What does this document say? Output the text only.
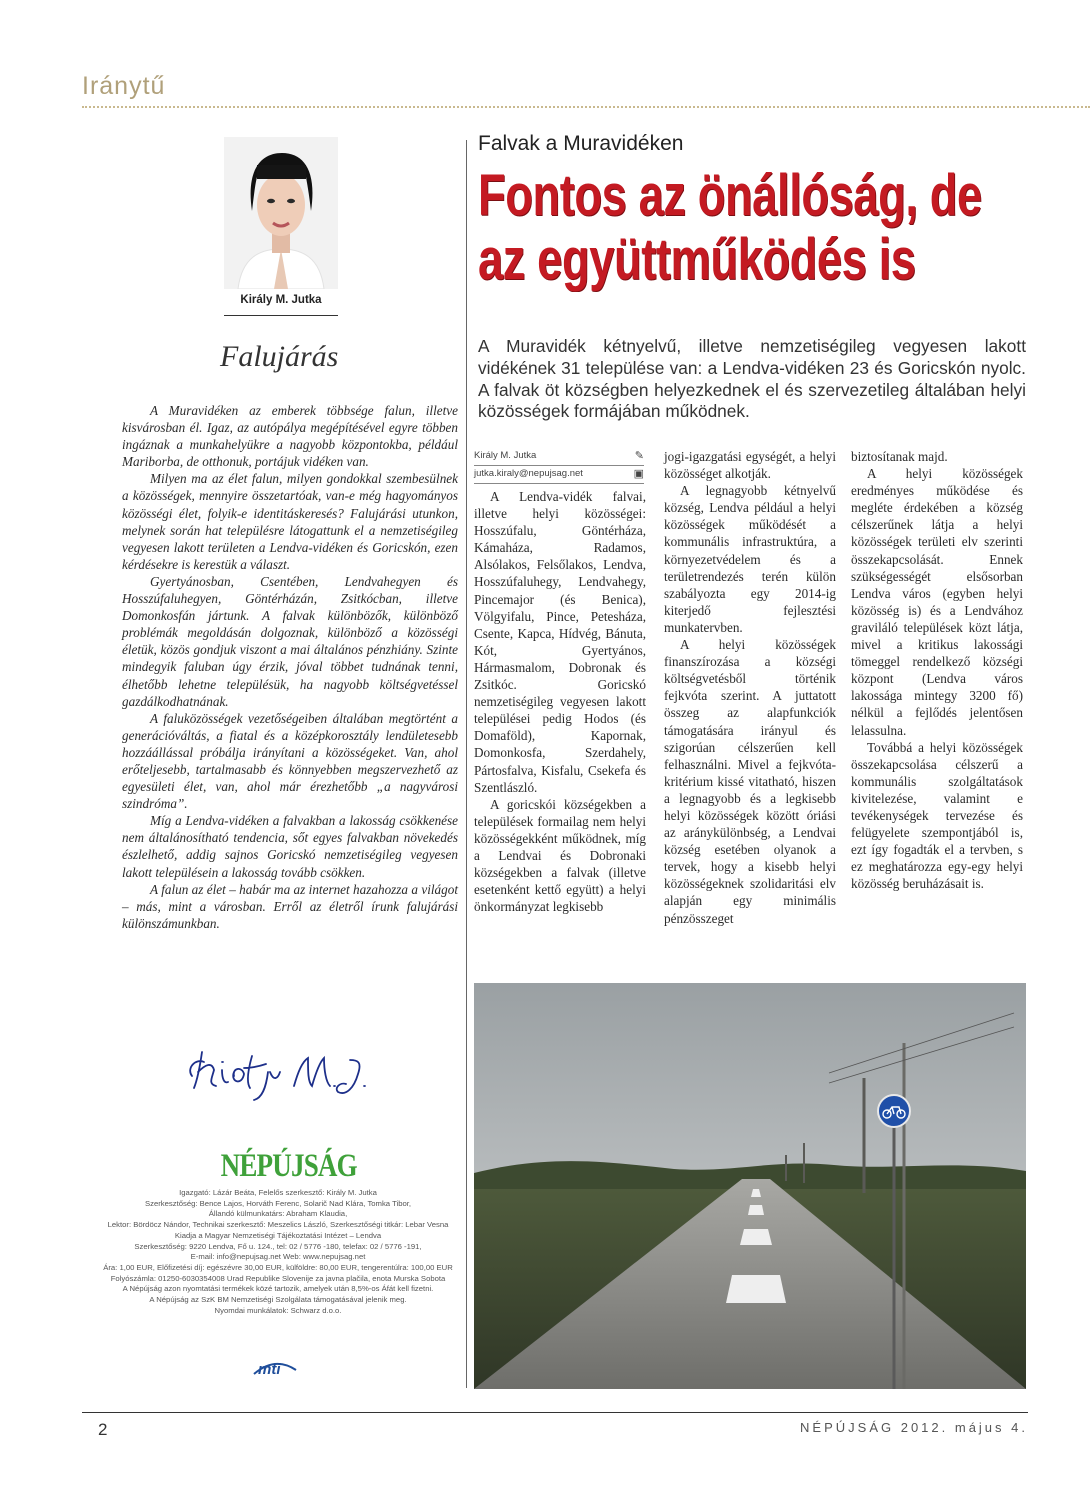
Iránytű
Király M. Jutka
Falujárás

A Muravidéken az emberek többsége falun, illetve kisvárosban él. Igaz, az autópálya megépítésével egyre többen ingáznak a munkahelyükre a nagyobb központokba, például Mariborba, de otthonuk, portájuk vidéken van.

Milyen ma az élet falun, milyen gondokkal szembesülnek a közösségek, mennyire összetartóak, van-e még hagyományos közösségi élet, folyik-e identitáskeresés? Falujárási utunkon, melynek során hat településre látogattunk el a nemzetiségileg vegyesen lakott területen a Lendva-vidéken és Goricskón, ezen kérdésekre is kerestük a választ.

Gyertyánosban, Csentében, Lendvahegyen és Hosszúfaluhegyen, Göntérházán, Zsitkócban, illetve Domonkosfán jártunk. A falvak különbözők, különböző problémák megoldásán dolgoznak, különböző a közösségi életük, közös gondjuk viszont a mai általános pénzhiány. Szinte mindegyik faluban úgy érzik, jóval többet tudnának tenni, élhetőbb lehetne településük, ha nagyobb költségvetéssel gazdálkodhatnának.

A faluközösségek vezetőségeiben általában megtörtént a generációváltás, a fiatal és a középkorosztály lendületesebb hozzáállással próbálja irányítani a közösségeket. Van, ahol erőteljesebb, tartalmasabb és könnyebben megszervezhető az egyesületi élet, van, ahol már érezhetőbb „a nagyvárosi szindróma”.

Míg a Lendva-vidéken a falvakban a lakosság csökkenése nem általánosítható tendencia, sőt egyes falvakban növekedés észlelhető, addig sajnos Goricskó nemzetiségileg vegyesen lakott településein a lakosság tovább csökken.

A falun az élet – habár ma az internet hazahozza a világot – más, mint a városban. Erről az életről írunk falujárási különszámunkban.

NÉPÚJSÁG
Igazgató: Lázár Beáta, Felelős szerkesztő: Király M. Jutka
Szerkesztőség: Bence Lajos, Horváth Ferenc, Solarič Nad Klára, Tomka Tibor,
Állandó külmunkatárs: Abraham Klaudia,
Lektor: Bördöcz Nándor, Technikai szerkesztő: Meszelics László, Szerkesztőségi titkár: Lebar Vesna
Kiadja a Magyar Nemzetiségi Tájékoztatási Intézet – Lendva
Szerkesztőség: 9220 Lendva, Fő u. 124., tel: 02 / 5776 -180, telefax: 02 / 5776 -191,
E-mail: info@nepujsag.net Web: www.nepujsag.net
Ára: 1,00 EUR, Előfizetési díj: egészévre 30,00 EUR, külföldre: 80,00 EUR, tengerentúlra: 100,00 EUR
Folyószámla: 01250-6030354008 Urad Republike Slovenije za javna plačila, enota Murska Sobota
A Népújság azon nyomtatási termékek közé tartozik, amelyek után 8,5%-os Áfát kell fizetni.
A Népújság az SzK BM Nemzetiségi Szolgálata támogatásával jelenik meg.
Nyomdai munkálatok: Schwarz d.o.o.
mti
Falvak a Muravidéken
Fontos az önállóság, de
az együttműködés is
A Muravidék kétnyelvű, illetve nemzetiségileg vegyesen lakott vidékének 31 települése van: a Lendva-vidéken 23 és Goricskón nyolc. A falvak öt községben helyezkednek el és szervezetileg általában helyi közösségek formájában működnek.
Király M. Jutka	✎
jutka.kiraly@nepujsag.net	▣

A Lendva-vidék falvai, illetve helyi közösségei: Hosszúfalu, Göntérháza, Kámaháza, Radamos, Alsólakos, Felsőlakos, Lendva, Hosszúfaluhegy, Lendvahegy, Pincemajor (és Benica), Völgyifalu, Pince, Petesháza, Csente, Kapca, Hídvég, Bánuta, Kót, Gyertyános, Hármasmalom, Dobronak és Zsitkóc. Goricskó nemzetiségileg vegyesen lakott települései pedig Hodos (és Domaföld), Kapornak, Domonkosfa, Szerdahely, Pártosfalva, Kisfalu, Csekefa és Szentlászló.

A goricskói községekben a települések formailag nem helyi közösségekként működnek, míg a Lendvai és Dobronaki községekben a falvak (illetve esetenként kettő együtt) a helyi önkormányzat legkisebb

jogi-igazgatási egységét, a helyi közösséget alkotják.

A legnagyobb kétnyelvű község, Lendva például a helyi közösségek működését a kommunális infrastruktúra, a környezetvédelem és a területrendezés terén külön szabályozta egy 2014-ig kiterjedő fejlesztési munkatervben.

A helyi közösségek finanszírozása a községi költségvetésből történik fejkvóta szerint. A juttatott összeg az alapfunkciók támogatására irányul és szigorúan célszerűen kell felhasználni. Mivel a fejkvóta-kritérium kissé vitatható, hiszen a legnagyobb és a legkisebb helyi közösségek között óriási az aránykülönbség, a Lendvai község esetében olyanok a tervek, hogy a kisebb helyi közösségeknek szolidaritási elv alapján egy minimális pénzösszeget

biztosítanak majd.

A helyi közösségek eredményes működése és megléte érdekében a község célszerűnek látja a helyi közösségek területi elv szerinti összekapcsolását. Ennek szükségességét elsősorban Lendva város (egyben helyi közösség is) és a Lendvához graviláló települések közt látja, mivel a kritikus lakossági tömeggel rendelkező községi központ (Lendva város lakossága mintegy 3200 fő) nélkül a fejlődés jelentősen lelassulna.

Továbbá a helyi közösségek összekapcsolása célszerű a kommunális szolgáltatások kivitelezése, valamint e tevékenységek tervezése és felügyelete szempontjából is, ezt így fogadták el a tervben, s ez meghatározza egy-egy helyi közösség beruházásait is.

2	NÉPÚJSÁG 2012. május 4.
